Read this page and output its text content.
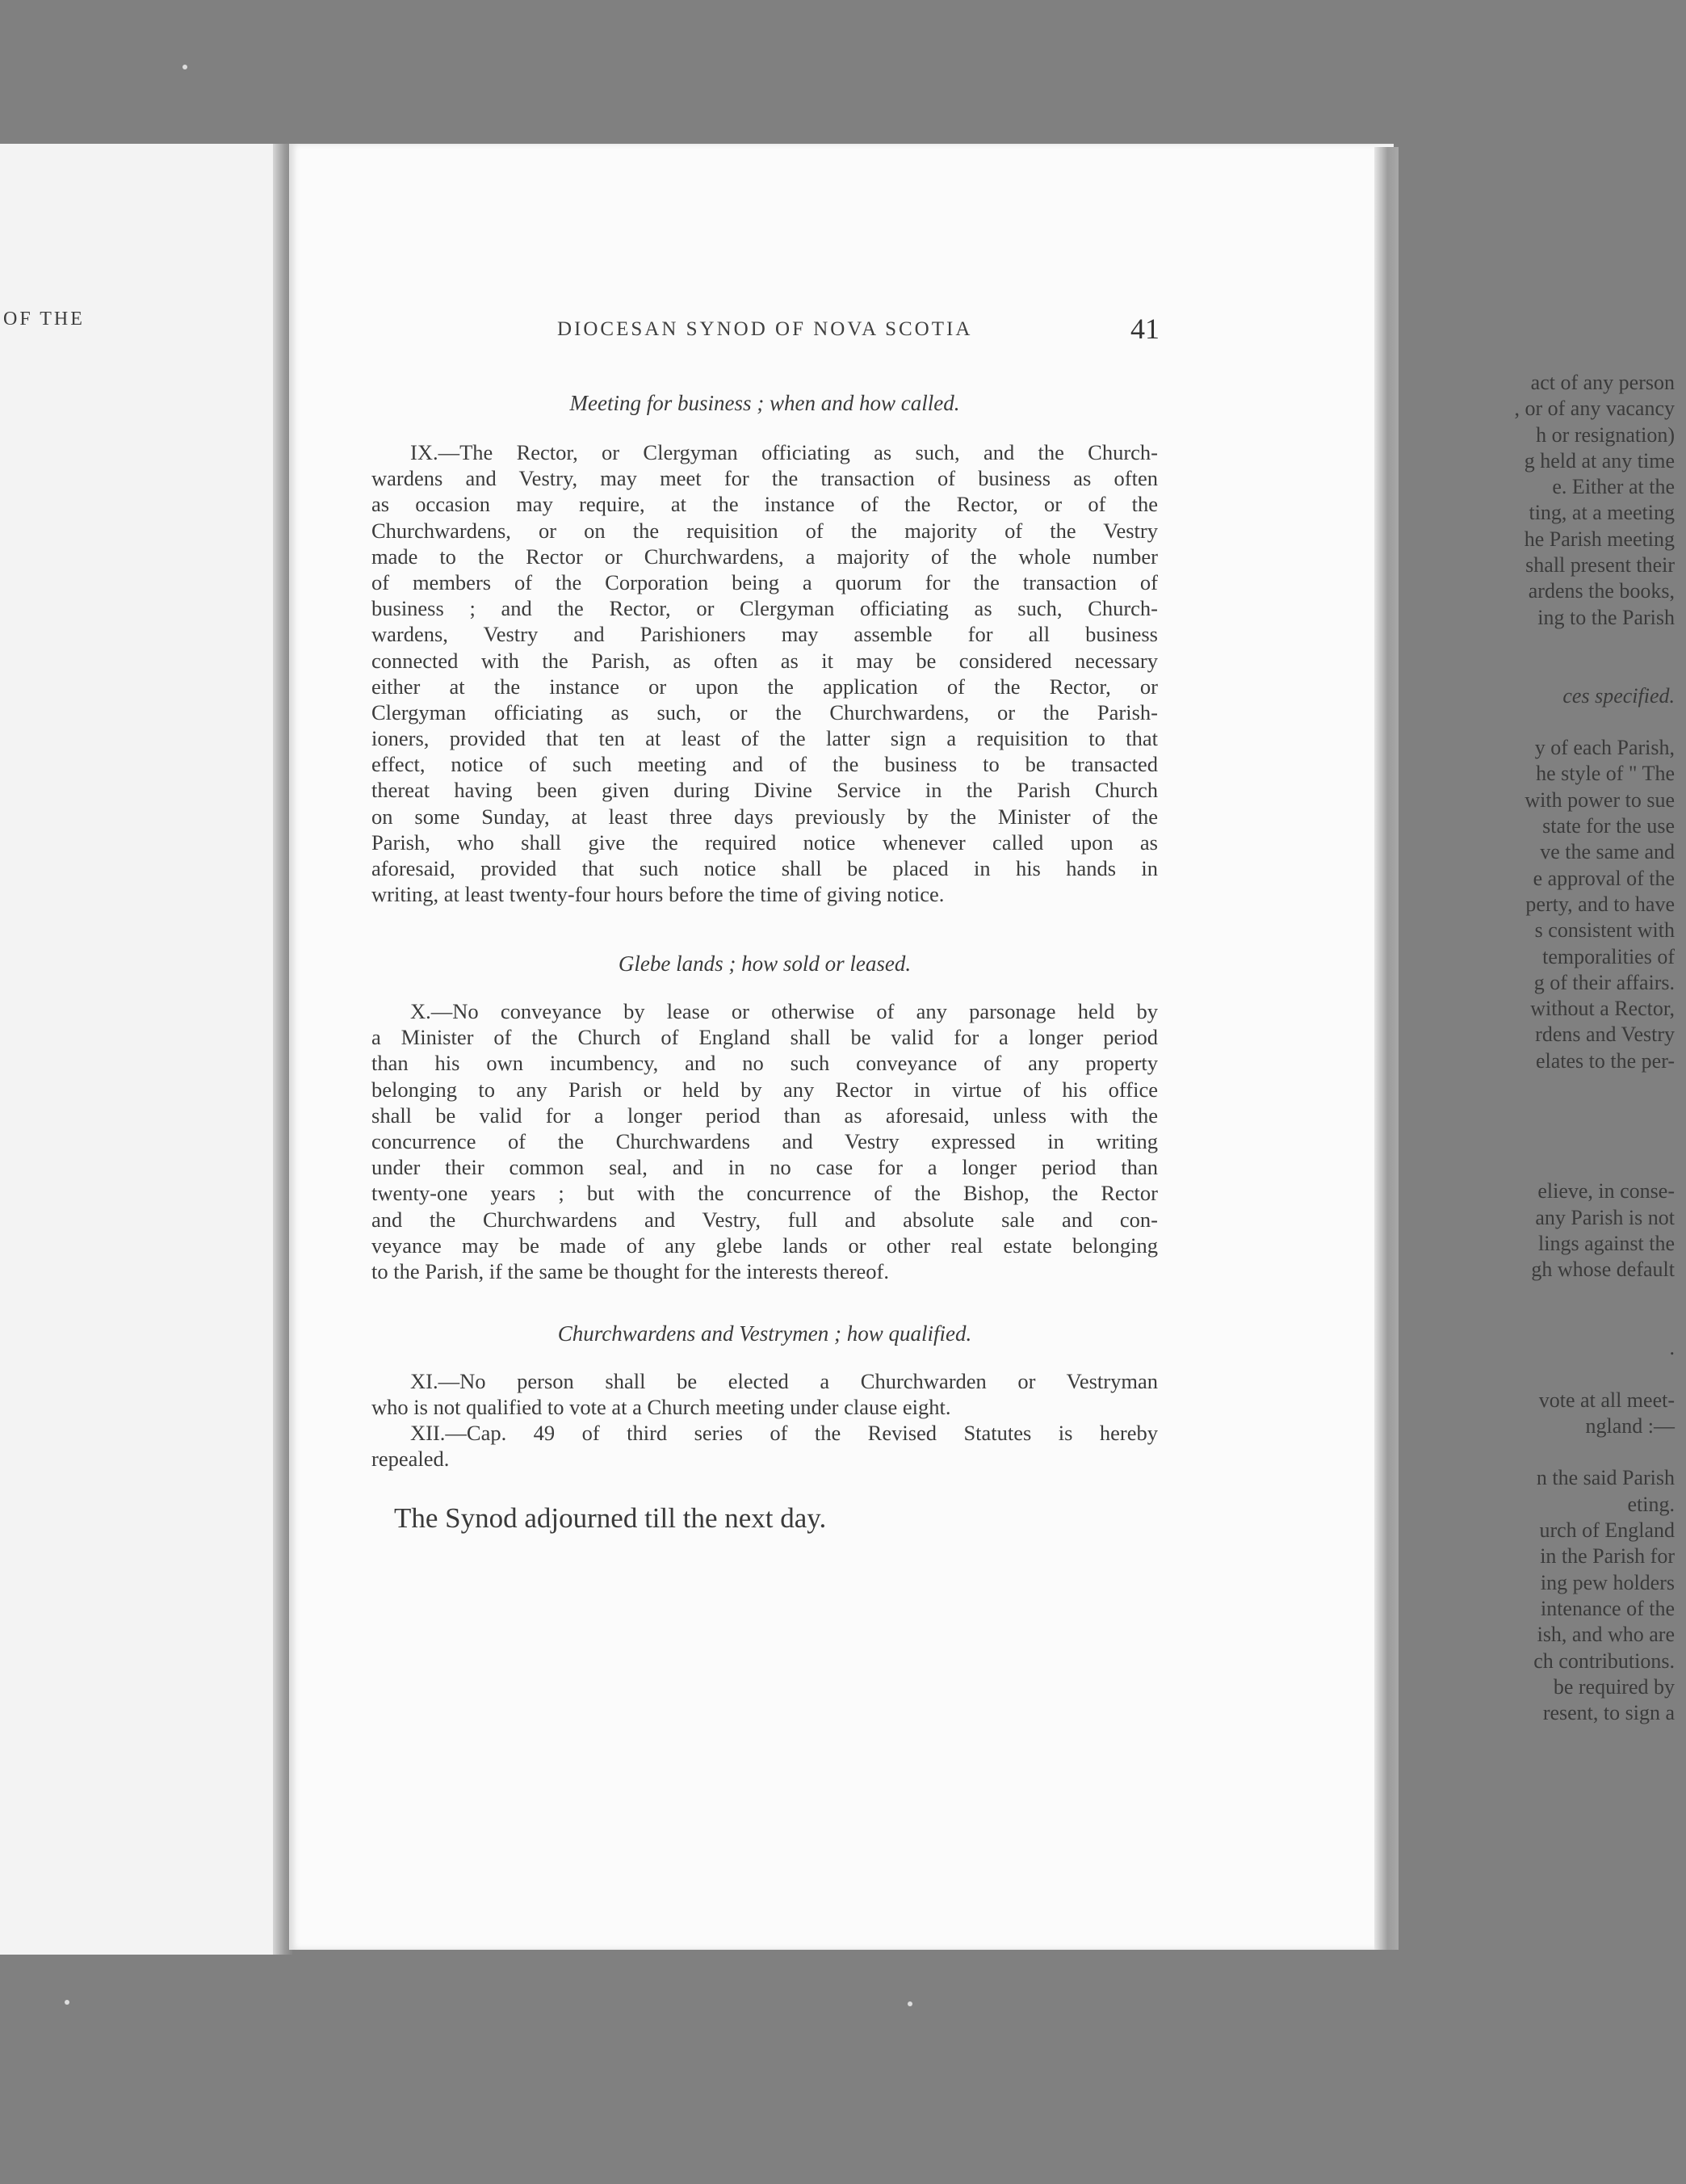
OF THE
act of any person
, or of any vacancy
h or resignation)
g held at any time
e. Either at the
ting, at a meeting
he Parish meeting
shall present their
ardens the books,
ing to the Parish
ces specified.
y of each Parish,
he style of " The
with power to sue
state for the use
ve the same and
e approval of the
perty, and to have
s consistent with
temporalities of
g of their affairs.
without a Rector,
rdens and Vestry
elates to the per-
elieve, in conse-
any Parish is not
lings against the
gh whose default
.
vote at all meet-
ngland :—
n the said Parish
eting.
urch of England
in the Parish for
ing pew holders
intenance of the
ish, and who are
ch contributions.
be required by
resent, to sign a
DIOCESAN SYNOD OF NOVA SCOTIA	41
Meeting for business ; when and how called.
IX.—The Rector, or Clergyman officiating as such, and the Church-
wardens and Vestry, may meet for the transaction of business as often
as occasion may require, at the instance of the Rector, or of the
Churchwardens, or on the requisition of the majority of the Vestry
made to the Rector or Churchwardens, a majority of the whole number
of members of the Corporation being a quorum for the transaction of
business ; and the Rector, or Clergyman officiating as such, Church-
wardens, Vestry and Parishioners may assemble for all business
connected with the Parish, as often as it may be considered necessary
either at the instance or upon the application of the Rector, or
Clergyman officiating as such, or the Churchwardens, or the Parish-
ioners, provided that ten at least of the latter sign a requisition to that
effect, notice of such meeting and of the business to be transacted
thereat having been given during Divine Service in the Parish Church
on some Sunday, at least three days previously by the Minister of the
Parish, who shall give the required notice whenever called upon as
aforesaid, provided that such notice shall be placed in his hands in
writing, at least twenty-four hours before the time of giving notice.
Glebe lands ; how sold or leased.
X.—No conveyance by lease or otherwise of any parsonage held by
a Minister of the Church of England shall be valid for a longer period
than his own incumbency, and no such conveyance of any property
belonging to any Parish or held by any Rector in virtue of his office
shall be valid for a longer period than as aforesaid, unless with the
concurrence of the Churchwardens and Vestry expressed in writing
under their common seal, and in no case for a longer period than
twenty-one years ; but with the concurrence of the Bishop, the Rector
and the Churchwardens and Vestry, full and absolute sale and con-
veyance may be made of any glebe lands or other real estate belonging
to the Parish, if the same be thought for the interests thereof.
Churchwardens and Vestrymen ; how qualified.
XI.—No person shall be elected a Churchwarden or Vestryman
who is not qualified to vote at a Church meeting under clause eight.
XII.—Cap. 49 of third series of the Revised Statutes is hereby
repealed.
The Synod adjourned till the next day.
